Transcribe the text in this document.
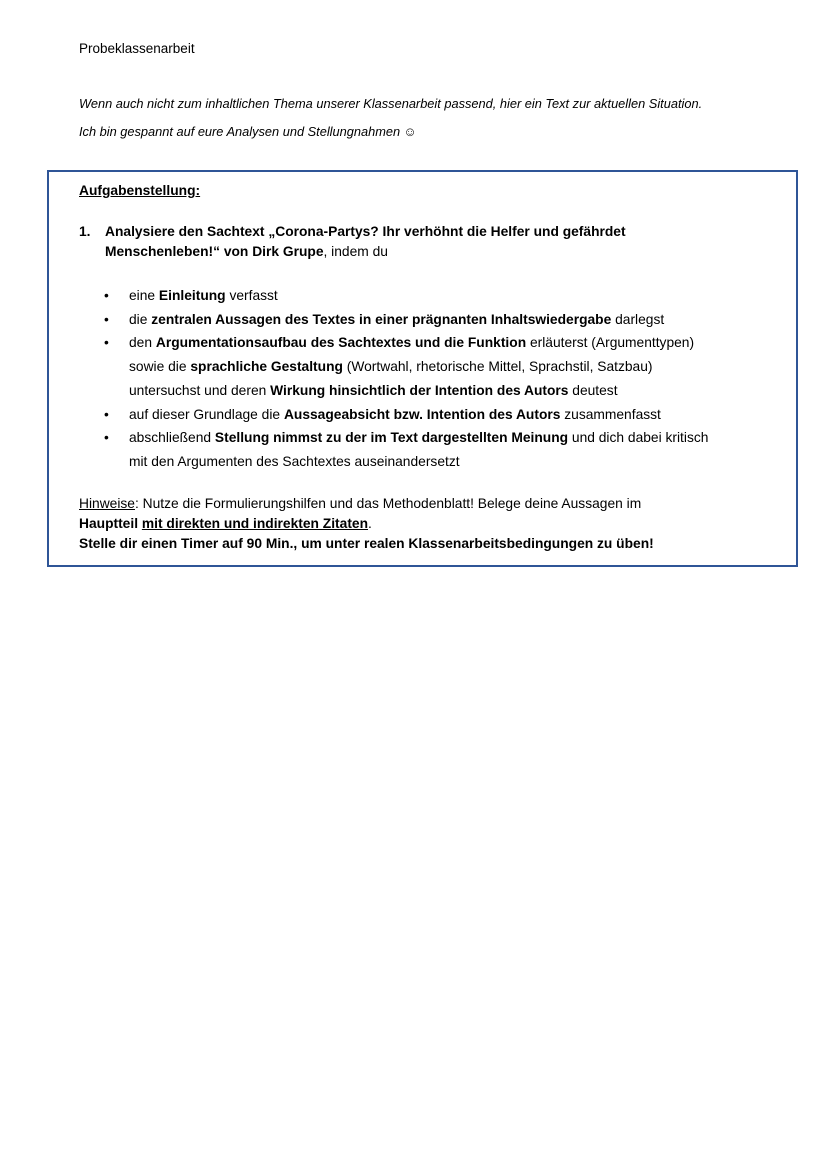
Probeklassenarbeit

Wenn auch nicht zum inhaltlichen Thema unserer Klassenarbeit passend, hier ein Text zur aktuellen Situation.

Ich bin gespannt auf eure Analysen und Stellungnahmen ☺

Aufgabenstellung:

1. Analysiere den Sachtext „Corona-Partys? Ihr verhöhnt die Helfer und gefährdet
Menschenleben!“ von Dirk Grupe, indem du
• eine Einleitung verfasst
• die zentralen Aussagen des Textes in einer prägnanten Inhaltswiedergabe darlegst
• den Argumentationsaufbau des Sachtextes und die Funktion erläuterst (Argumenttypen)
sowie die sprachliche Gestaltung (Wortwahl, rhetorische Mittel, Sprachstil, Satzbau)
untersuchst und deren Wirkung hinsichtlich der Intention des Autors deutest
• auf dieser Grundlage die Aussageabsicht bzw. Intention des Autors zusammenfasst
• abschließend Stellung nimmst zu der im Text dargestellten Meinung und dich dabei kritisch
mit den Argumenten des Sachtextes auseinandersetzt
Hinweise: Nutze die Formulierungshilfen und das Methodenblatt! Belege deine Aussagen im
Hauptteil mit direkten und indirekten Zitaten.
Stelle dir einen Timer auf 90 Min., um unter realen Klassenarbeitsbedingungen zu üben!
